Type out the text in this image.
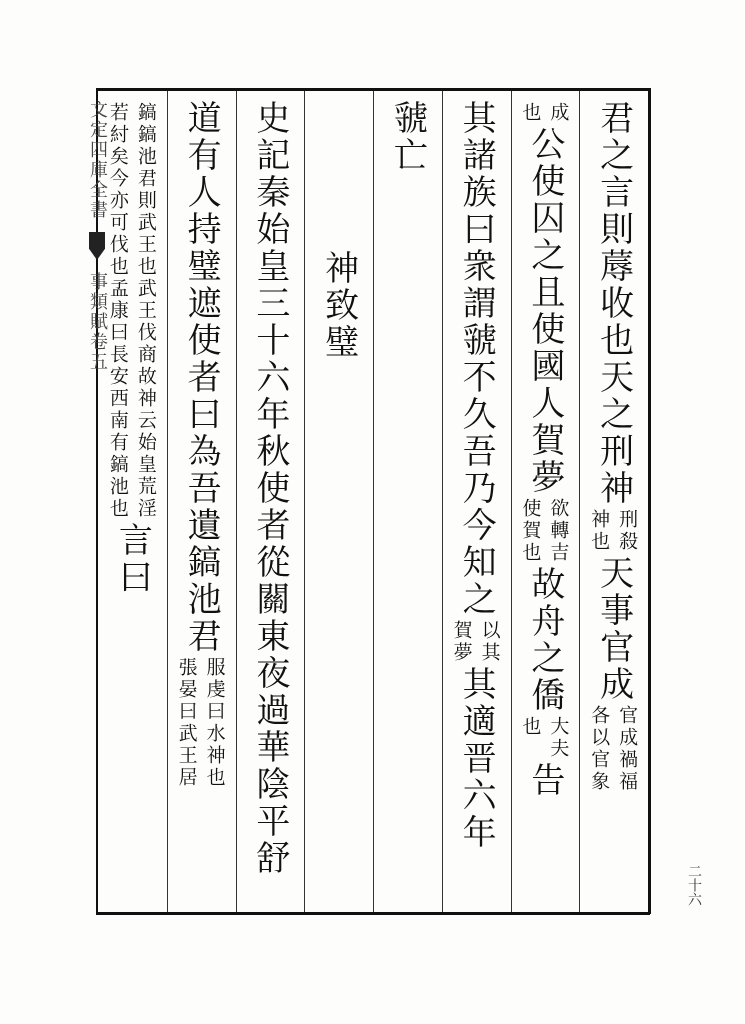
文定四庫全書
事類賦
卷五
二十六
君之言則蓐收也天之刑神
刑殺
神也
天事官成
官成禍福
各以官象
成
也
公使囚之且使國人賀夢
欲轉吉
使賀也
故舟之僑
大夫
也
告
其諸族曰衆謂虢不久吾乃今知之
以其
賀夢
其適晋六年
虢亡
神致璧
史記秦始皇三十六年秋使者從關東夜過華陰平舒
道有人持璧遮使者曰為吾遺鎬池君
服虔曰水神也
張晏曰武王居
鎬鎬池君則武王也武王伐商故神云始皇荒淫
若紂矣今亦可伐也孟康曰長安西南有鎬池也
言曰
